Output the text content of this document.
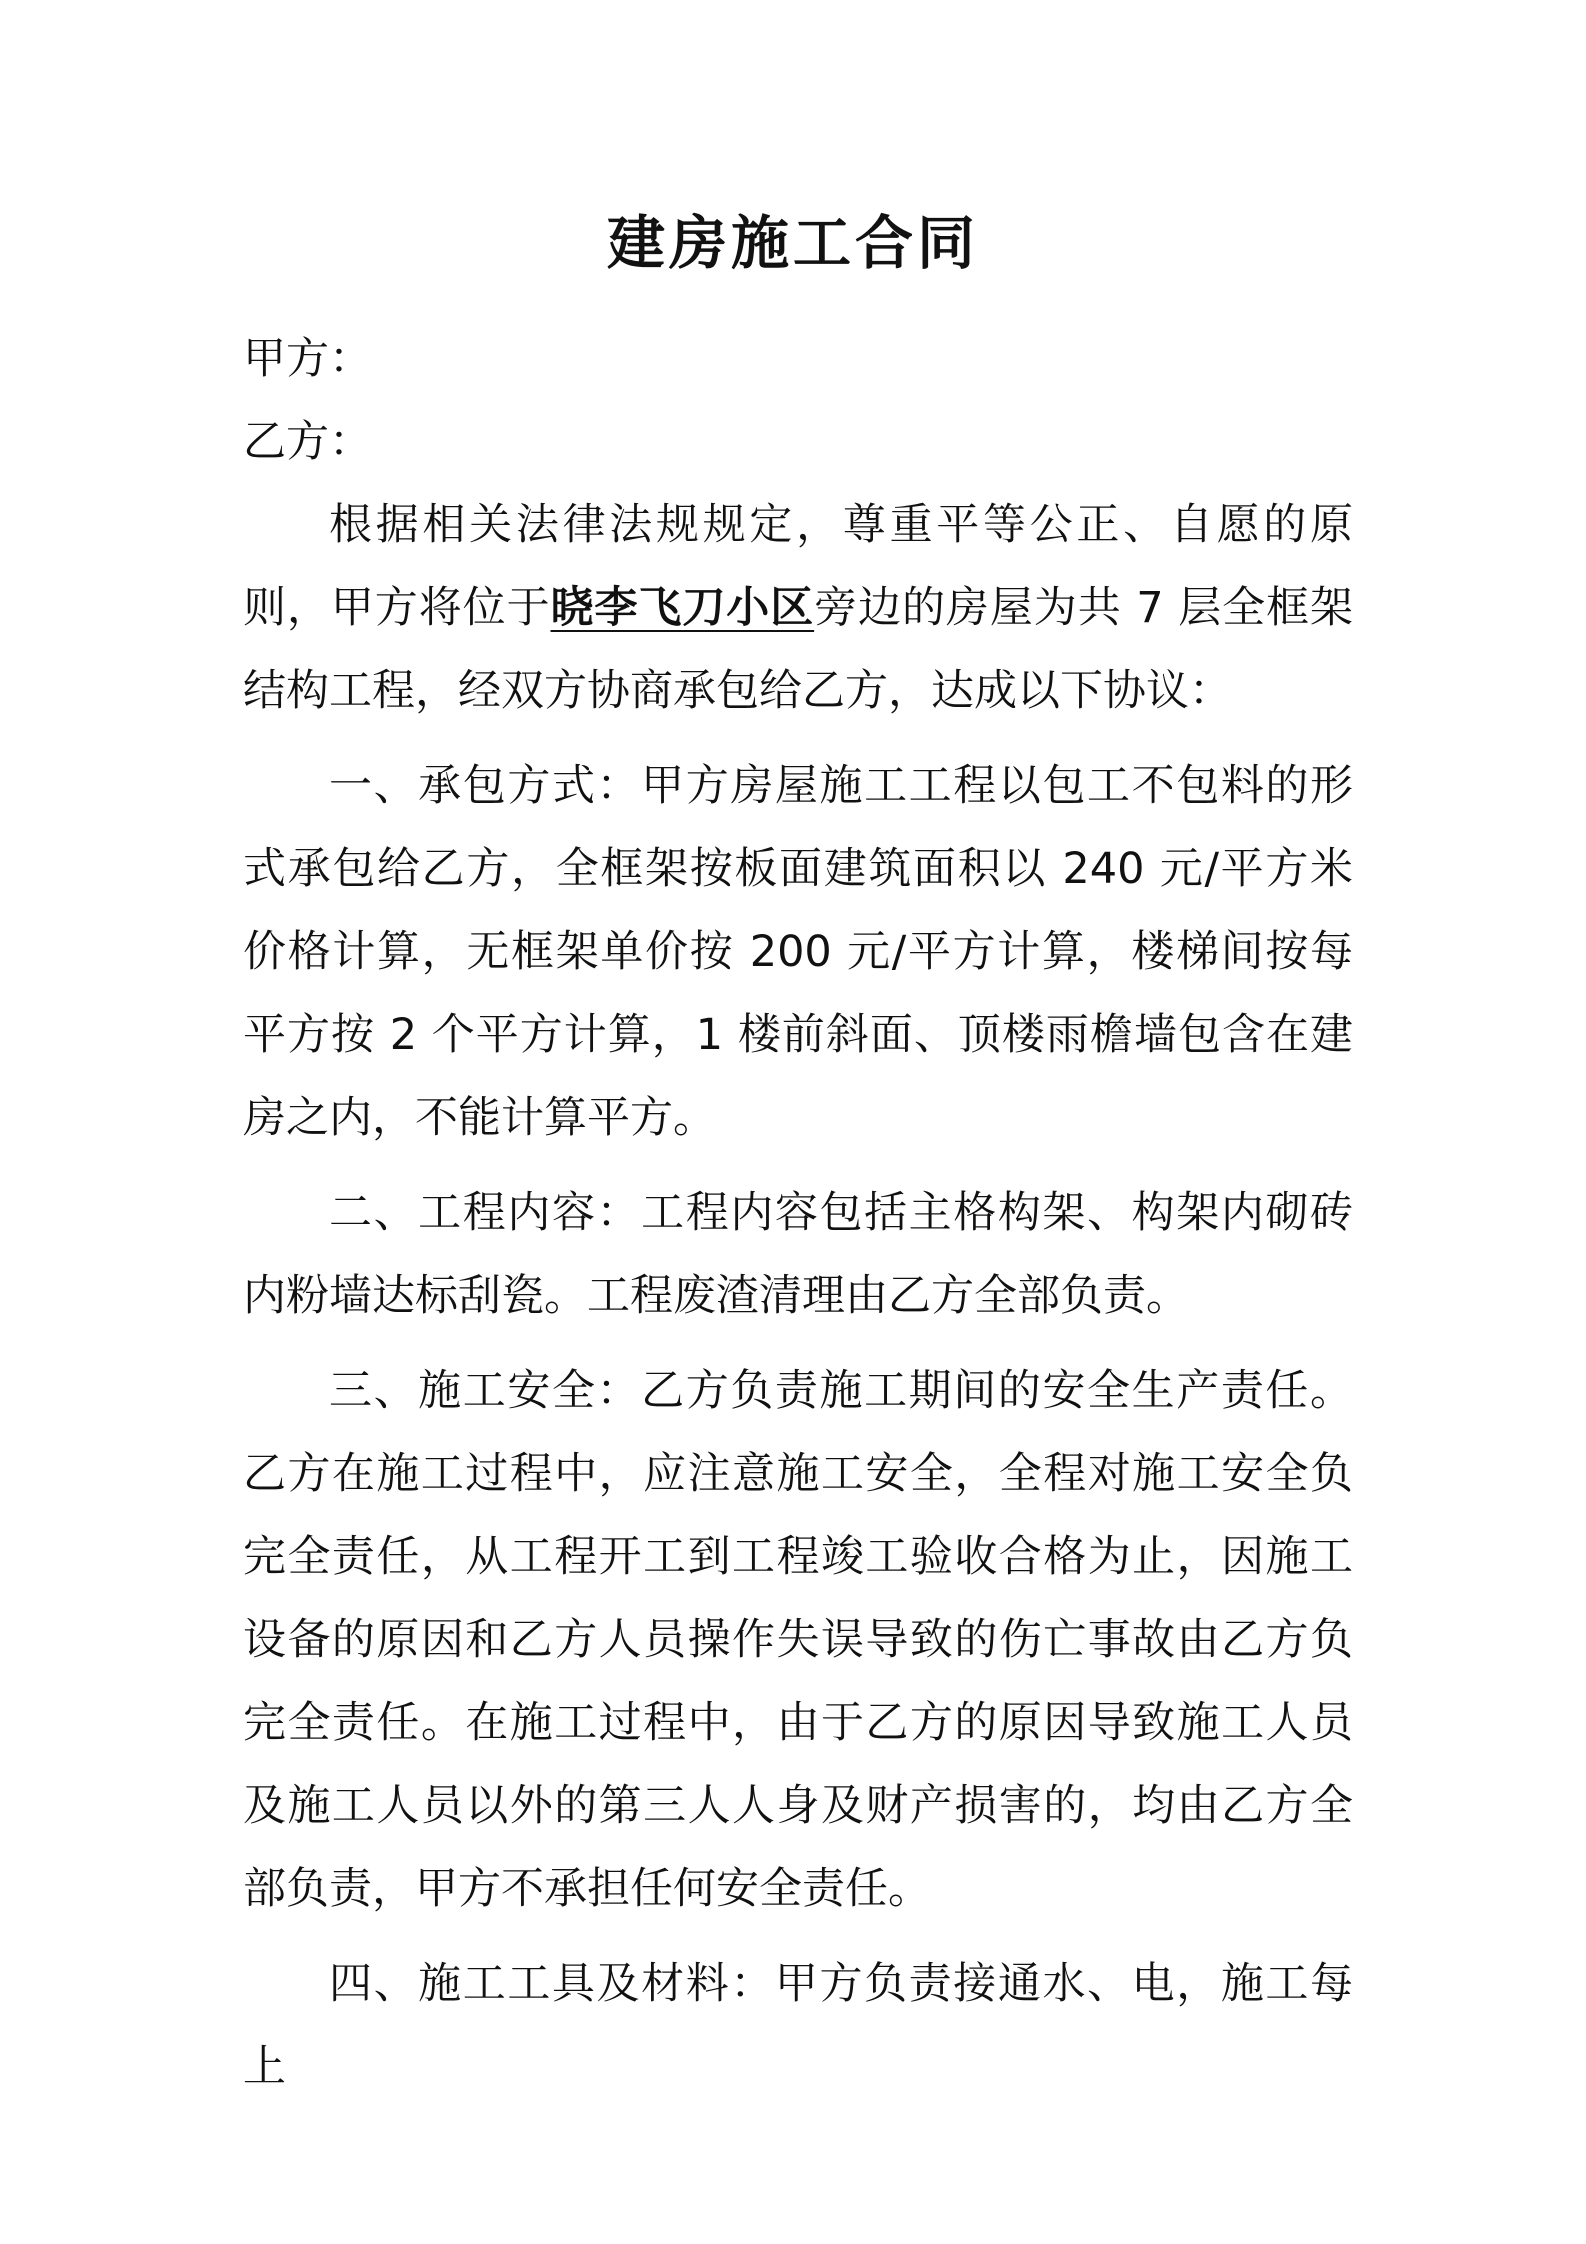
建房施工合同

甲方：

乙方：

根据相关法律法规规定，尊重平等公正、自愿的原则，甲方将位于晓李飞刀小区旁边的房屋为共 7 层全框架结构工程，经双方协商承包给乙方，达成以下协议：

一、承包方式：甲方房屋施工工程以包工不包料的形式承包给乙方，全框架按板面建筑面积以 240 元/平方米价格计算，无框架单价按 200 元/平方计算，楼梯间按每平方按 2 个平方计算，1 楼前斜面、顶楼雨檐墙包含在建房之内，不能计算平方。

二、工程内容：工程内容包括主格构架、构架内砌砖内粉墙达标刮瓷。工程废渣清理由乙方全部负责。

三、施工安全：乙方负责施工期间的安全生产责任。乙方在施工过程中，应注意施工安全，全程对施工安全负完全责任，从工程开工到工程竣工验收合格为止，因施工设备的原因和乙方人员操作失误导致的伤亡事故由乙方负完全责任。在施工过程中，由于乙方的原因导致施工人员及施工人员以外的第三人人身及财产损害的，均由乙方全部负责，甲方不承担任何安全责任。

四、施工工具及材料：甲方负责接通水、电，施工每上
